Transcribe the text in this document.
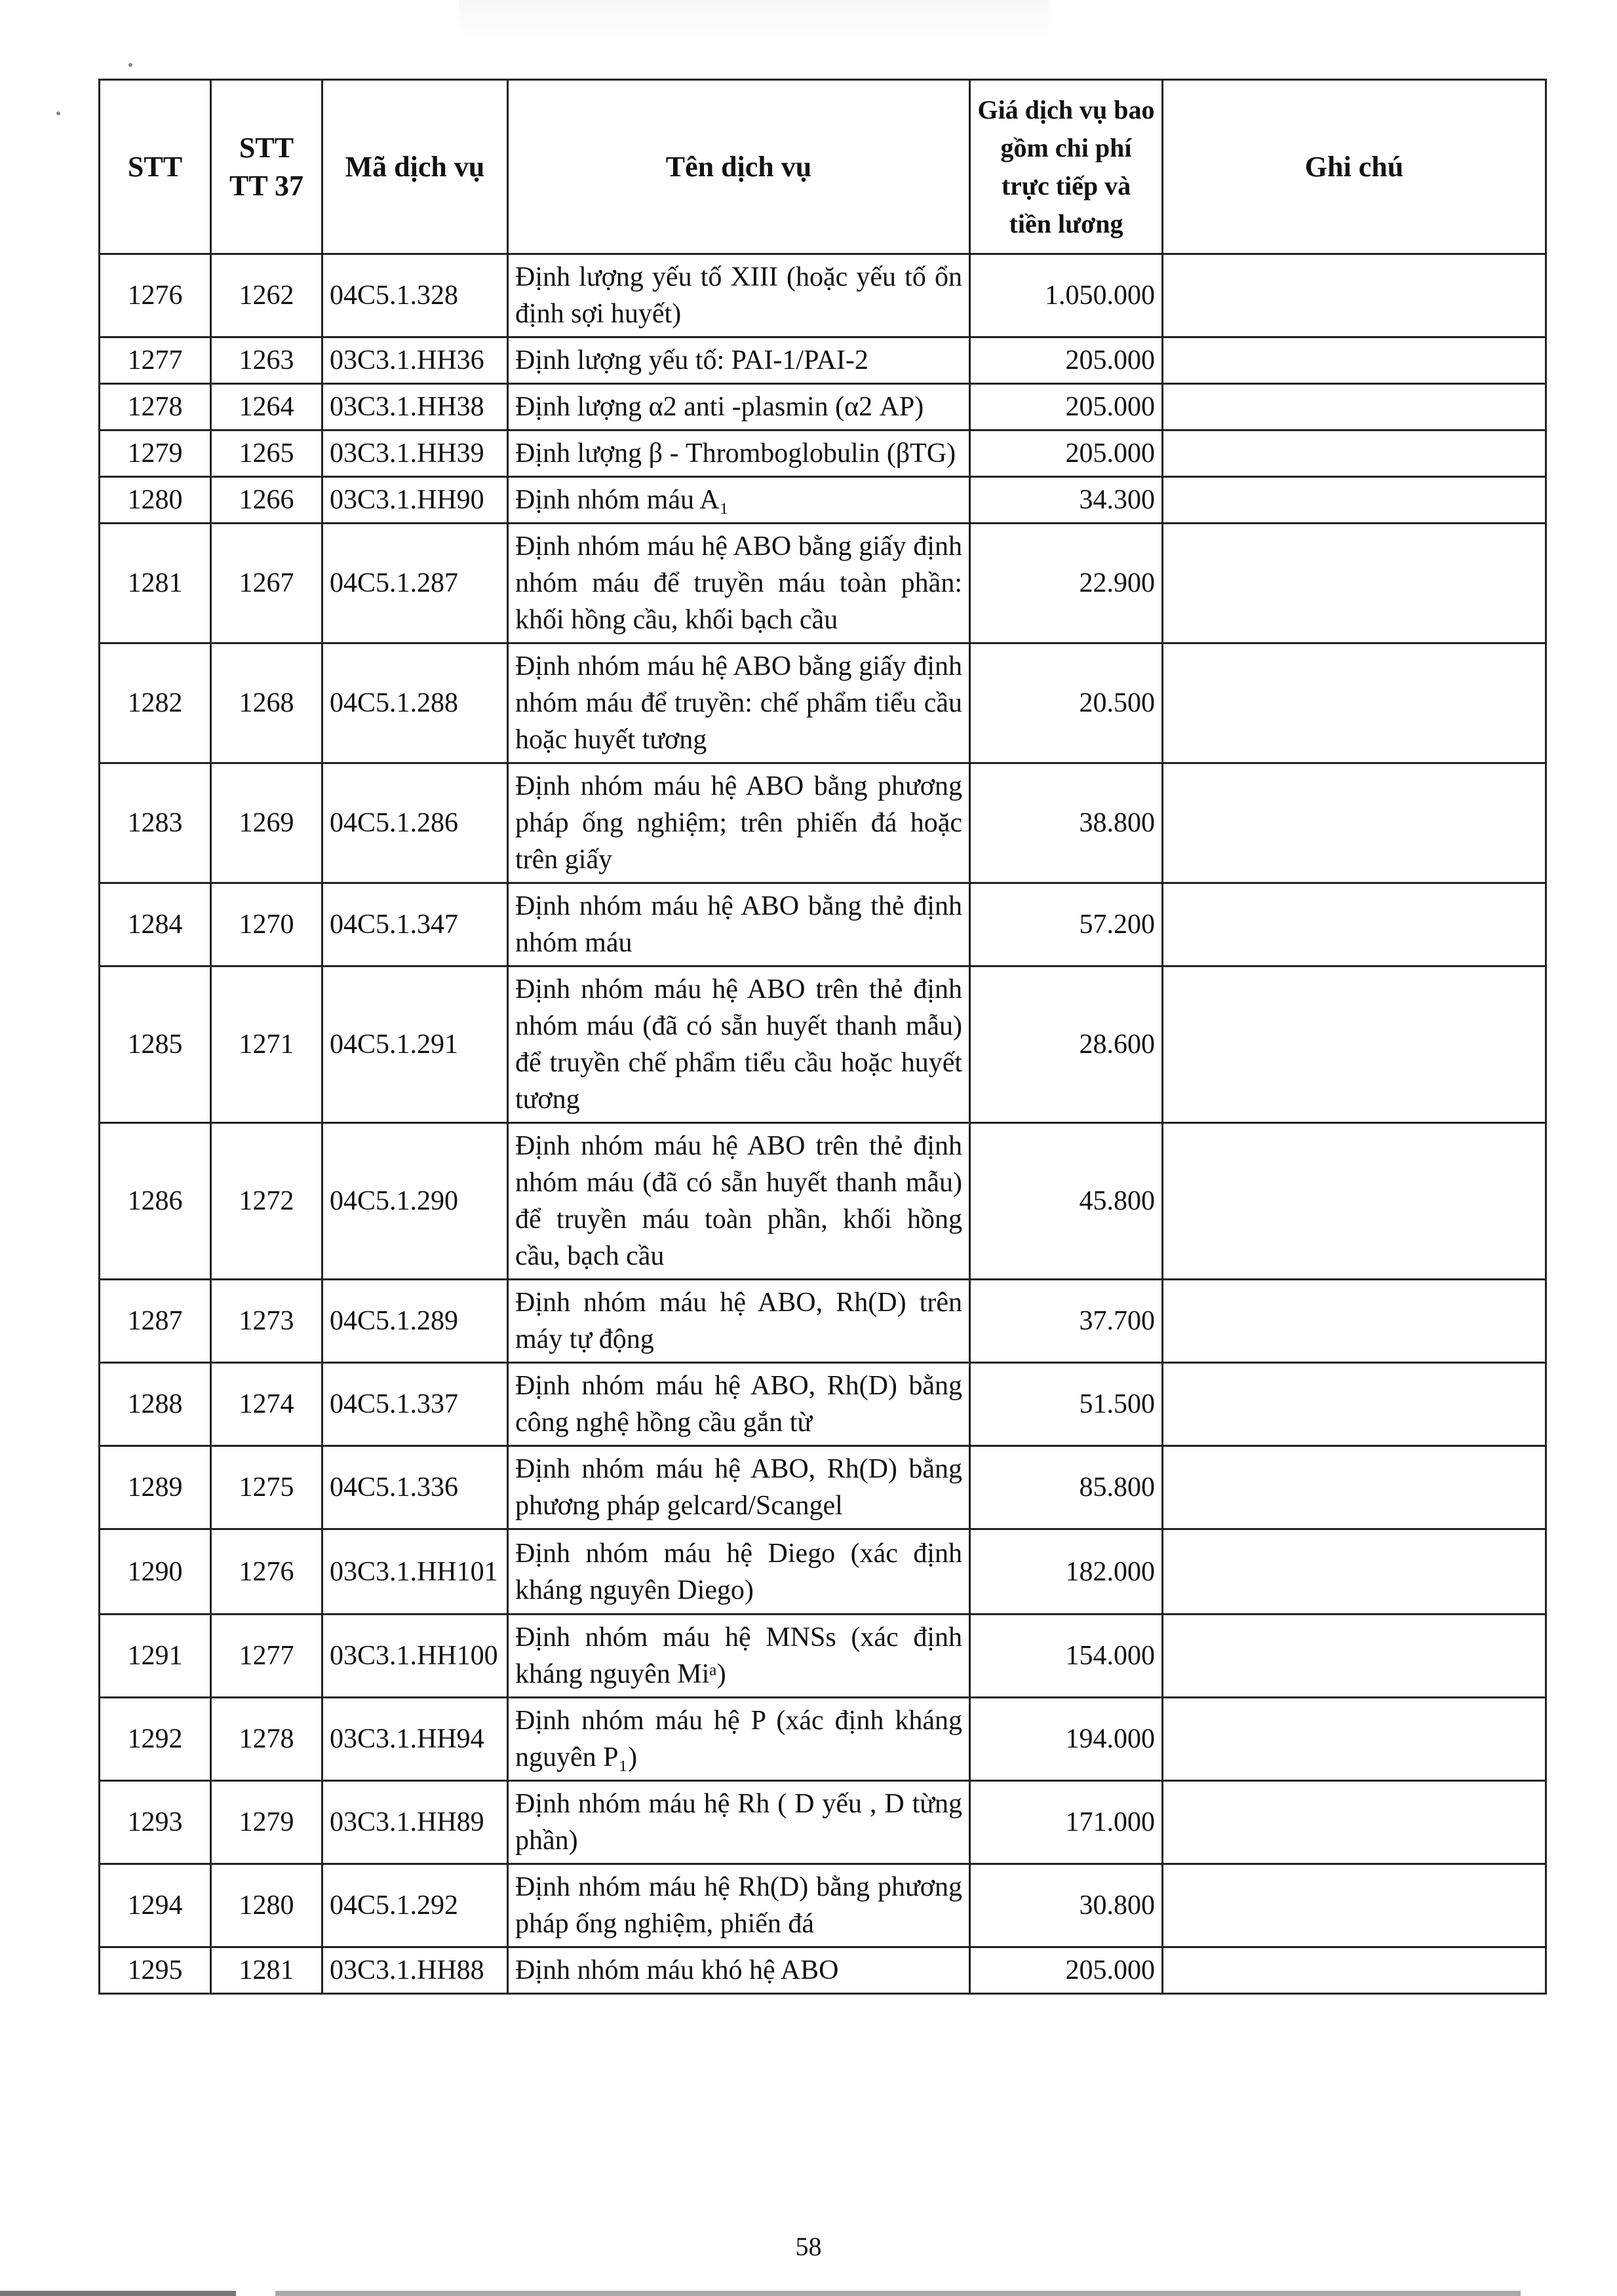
STT	STT TT 37	Mã dịch vụ	Tên dịch vụ	Giá dịch vụ bao gồm chi phí trực tiếp và tiền lương	Ghi chú
1276	1262	04C5.1.328	Định lượng yếu tố XIII (hoặc yếu tố ổn định sợi huyết)	1.050.000	
1277	1263	03C3.1.HH36	Định lượng yếu tố: PAI-1/PAI-2	205.000	
1278	1264	03C3.1.HH38	Định lượng α2 anti -plasmin (α2 AP)	205.000	
1279	1265	03C3.1.HH39	Định lượng β - Thromboglobulin (βTG)	205.000	
1280	1266	03C3.1.HH90	Định nhóm máu A₁	34.300	
1281	1267	04C5.1.287	Định nhóm máu hệ ABO bằng giấy định nhóm máu để truyền máu toàn phần: khối hồng cầu, khối bạch cầu	22.900	
1282	1268	04C5.1.288	Định nhóm máu hệ ABO bằng giấy định nhóm máu để truyền: chế phẩm tiểu cầu hoặc huyết tương	20.500	
1283	1269	04C5.1.286	Định nhóm máu hệ ABO bằng phương pháp ống nghiệm; trên phiến đá hoặc trên giấy	38.800	
1284	1270	04C5.1.347	Định nhóm máu hệ ABO bằng thẻ định nhóm máu	57.200	
1285	1271	04C5.1.291	Định nhóm máu hệ ABO trên thẻ định nhóm máu (đã có sẵn huyết thanh mẫu) để truyền chế phẩm tiểu cầu hoặc huyết tương	28.600	
1286	1272	04C5.1.290	Định nhóm máu hệ ABO trên thẻ định nhóm máu (đã có sẵn huyết thanh mẫu) để truyền máu toàn phần, khối hồng cầu, bạch cầu	45.800	
1287	1273	04C5.1.289	Định nhóm máu hệ ABO, Rh(D) trên máy tự động	37.700	
1288	1274	04C5.1.337	Định nhóm máu hệ ABO, Rh(D) bằng công nghệ hồng cầu gắn từ	51.500	
1289	1275	04C5.1.336	Định nhóm máu hệ ABO, Rh(D) bằng phương pháp gelcard/Scangel	85.800	
1290	1276	03C3.1.HH101	Định nhóm máu hệ Diego (xác định kháng nguyên Diego)	182.000	
1291	1277	03C3.1.HH100	Định nhóm máu hệ MNSs (xác định kháng nguyên Miᵃ)	154.000	
1292	1278	03C3.1.HH94	Định nhóm máu hệ P (xác định kháng nguyên P₁)	194.000	
1293	1279	03C3.1.HH89	Định nhóm máu hệ Rh ( D yếu , D từng phần)	171.000	
1294	1280	04C5.1.292	Định nhóm máu hệ Rh(D) bằng phương pháp ống nghiệm, phiến đá	30.800	
1295	1281	03C3.1.HH88	Định nhóm máu khó hệ ABO	205.000	
58
